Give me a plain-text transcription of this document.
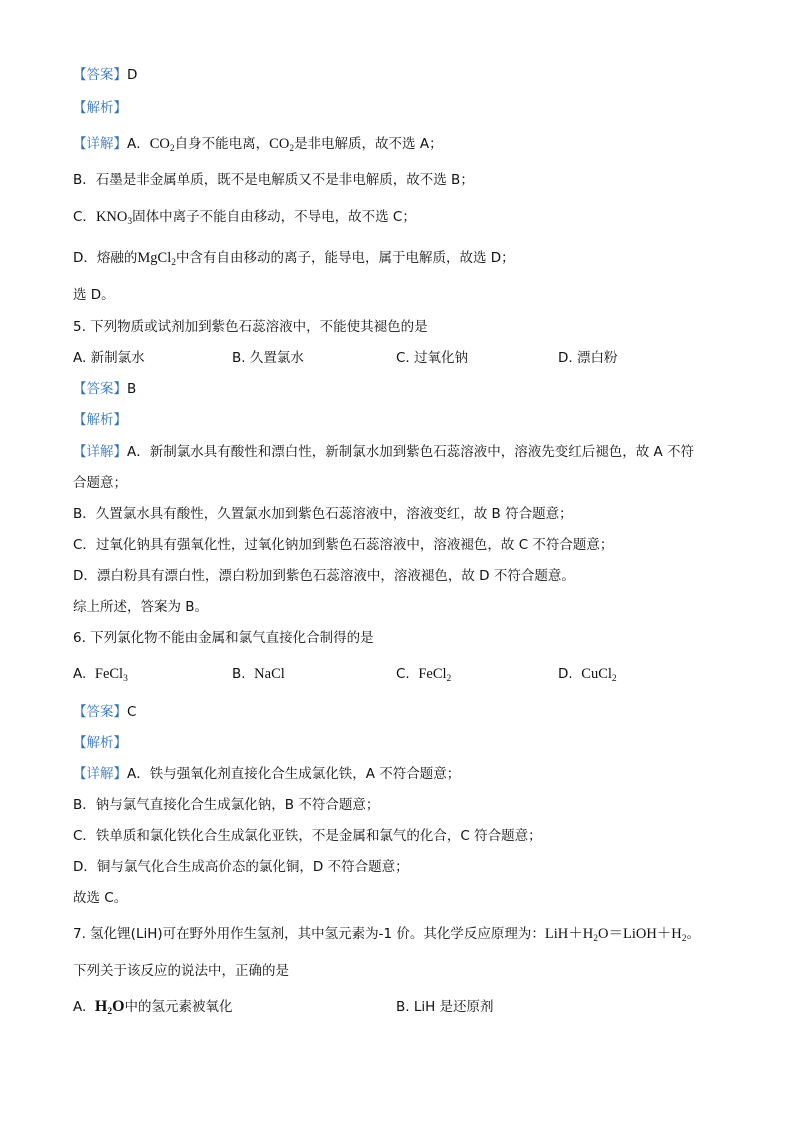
【答案】D
【解析】
【详解】A．$CO_2$自身不能电离，$CO_2$是非电解质，故不选 A；
B．石墨是非金属单质，既不是电解质又不是非电解质，故不选 B；
C．$KNO_3$固体中离子不能自由移动，不导电，故不选 C；
D．熔融的MgCl$_2$中含有自由移动的离子，能导电，属于电解质，故选 D；
选 D。
5. 下列物质或试剂加到紫色石蕊溶液中，不能使其褪色的是
A. 新制氯水	B. 久置氯水	C. 过氧化钠	D. 漂白粉
【答案】B
【解析】
【详解】A．新制氯水具有酸性和漂白性，新制氯水加到紫色石蕊溶液中，溶液先变红后褪色，故 A 不符
合题意；
B．久置氯水具有酸性，久置氯水加到紫色石蕊溶液中，溶液变红，故 B 符合题意；
C．过氧化钠具有强氧化性，过氧化钠加到紫色石蕊溶液中，溶液褪色，故 C 不符合题意；
D．漂白粉具有漂白性，漂白粉加到紫色石蕊溶液中，溶液褪色，故 D 不符合题意。
综上所述，答案为 B。
6. 下列氯化物不能由金属和氯气直接化合制得的是
A. FeCl$_3$	B. NaCl	C. FeCl$_2$	D. CuCl$_2$
【答案】C
【解析】
【详解】A．铁与强氧化剂直接化合生成氯化铁，A 不符合题意；
B．钠与氯气直接化合生成氯化钠，B 不符合题意；
C．铁单质和氯化铁化合生成氯化亚铁，不是金属和氯气的化合，C 符合题意；
D．铜与氯气化合生成高价态的氯化铜，D 不符合题意；
故选 C。
7. 氢化锂(LiH)可在野外用作生氢剂，其中氢元素为-1 价。其化学反应原理为：$LiH+H_2O=LiOH+H_2$。
下列关于该反应的说法中，正确的是
A. $H_2O$中的氢元素被氧化	B. LiH 是还原剂
